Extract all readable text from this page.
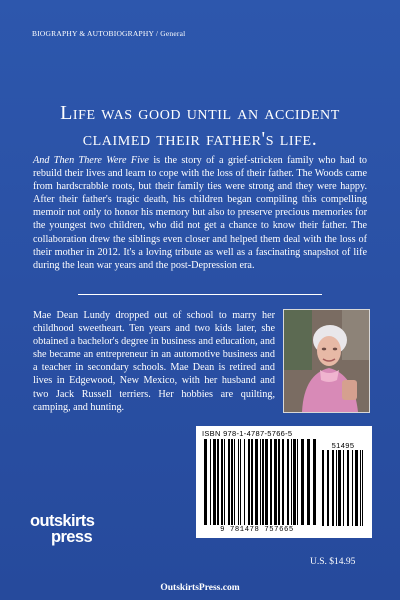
BIOGRAPHY & AUTOBIOGRAPHY / General
Life was good until an accident
claimed their father's life.
And Then There Were Five is the story of a grief-stricken family who had to rebuild their lives and learn to cope with the loss of their father. The Woods came from hardscrabble roots, but their family ties were strong and they were happy. After their father's tragic death, his children began compiling this compelling memoir not only to honor his memory but also to preserve precious memories for the youngest two children, who did not get a chance to know their father. The collaboration drew the siblings even closer and helped them deal with the loss of their mother in 2012. It's a loving tribute as well as a fascinating snapshot of life during the lean war years and the post-Depression era.
Mae Dean Lundy dropped out of school to marry her childhood sweetheart. Ten years and two kids later, she obtained a bachelor's degree in business and education, and she became an entrepreneur in an automotive business and a teacher in secondary schools. Mae Dean is retired and lives in Edgewood, New Mexico, with her husband and two Jack Russell terriers. Her hobbies are quilting, camping, and hunting.
ISBN 978-1-4787-5766-5
51495
9 781478 757665
outskirts
press
U.S. $14.95
OutskirtsPress.com
